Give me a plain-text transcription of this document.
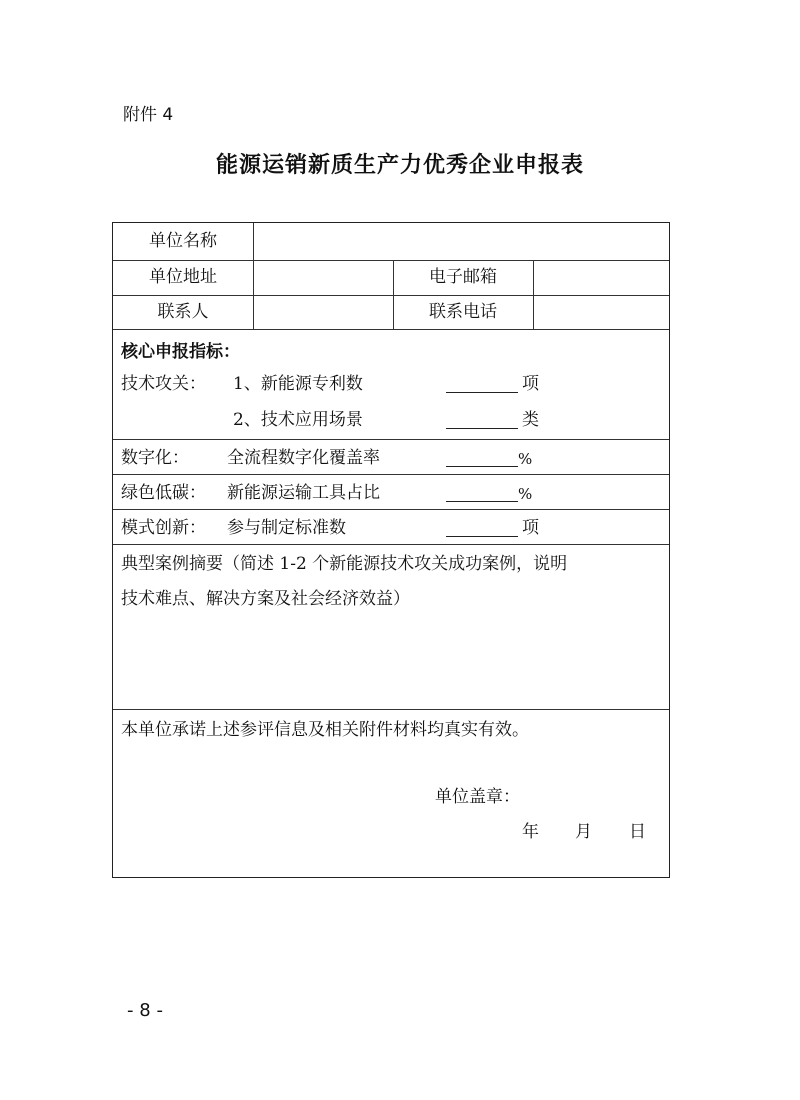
附件 4
能源运销新质生产力优秀企业申报表
单位名称
单位地址	电子邮箱
联系人	联系电话
核心申报指标：
技术攻关： 1、新能源专利数	项
2、技术应用场景	类
数字化： 全流程数字化覆盖率	%
绿色低碳： 新能源运输工具占比	%
模式创新： 参与制定标准数	项
典型案例摘要（简述 1-2 个新能源技术攻关成功案例，说明
技术难点、解决方案及社会经济效益）
本单位承诺上述参评信息及相关附件材料均真实有效。
单位盖章：
年 月 日
- 8 -
